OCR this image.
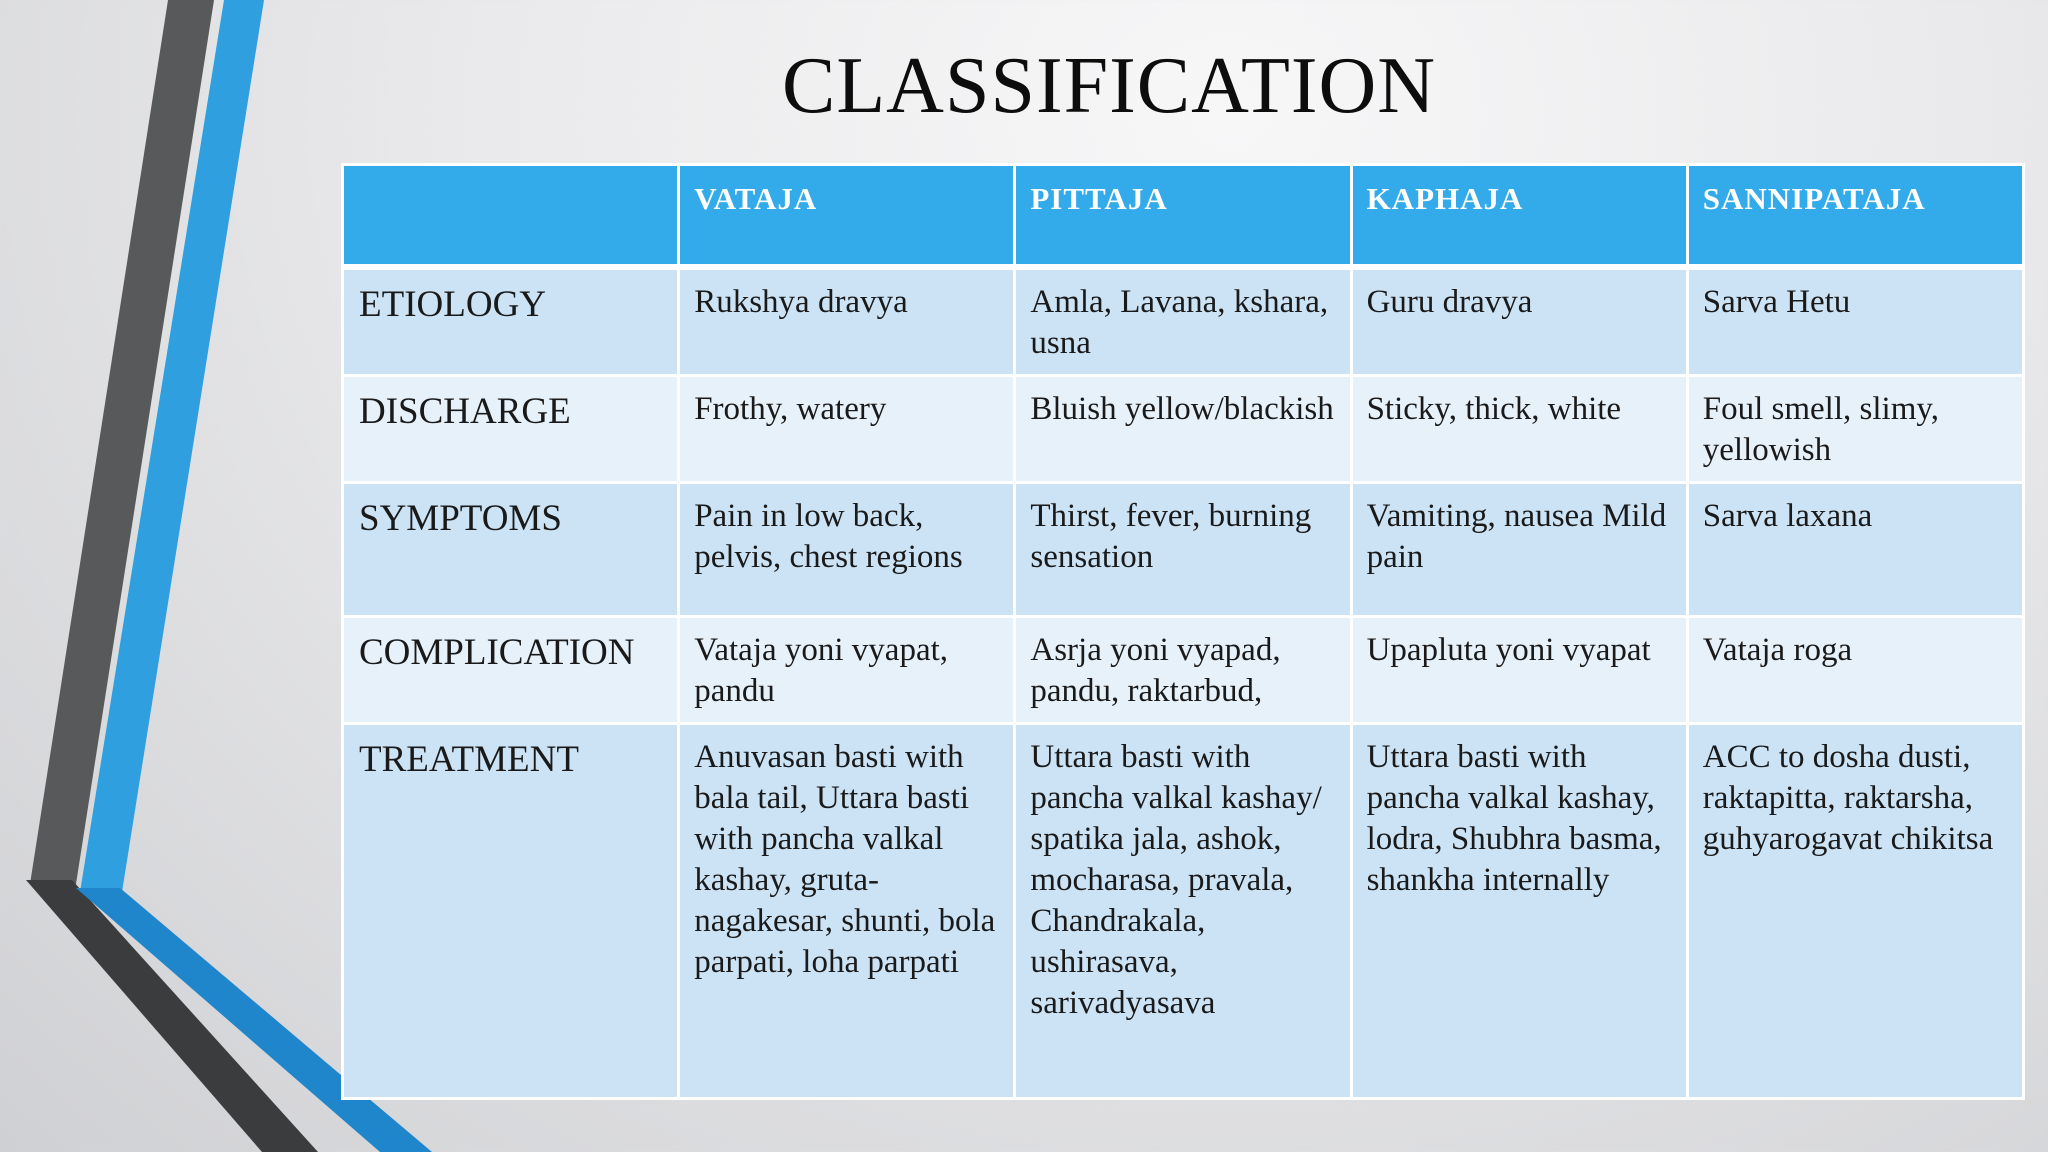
CLASSIFICATION
	VATAJA	PITTAJA	KAPHAJA	SANNIPATAJA
ETIOLOGY	Rukshya dravya	Amla, Lavana, kshara, usna	Guru dravya	Sarva Hetu
DISCHARGE	Frothy, watery	Bluish yellow/blackish	Sticky, thick, white	Foul smell, slimy, yellowish
SYMPTOMS	Pain in low back, pelvis, chest regions	Thirst, fever, burning sensation	Vamiting, nausea Mild pain	Sarva laxana
COMPLICATION	Vataja yoni vyapat, pandu	Asrja yoni vyapad, pandu, raktarbud,	Upapluta yoni vyapat	Vataja roga
TREATMENT	Anuvasan basti with bala tail, Uttara basti with pancha valkal kashay, gruta-nagakesar, shunti, bola parpati, loha parpati	Uttara basti with pancha valkal kashay/ spatika jala, ashok, mocharasa, pravala, Chandrakala, ushirasava, sarivadyasava	Uttara basti with pancha valkal kashay, lodra, Shubhra basma, shankha internally	ACC to dosha dusti, raktapitta, raktarsha, guhyarogavat chikitsa
